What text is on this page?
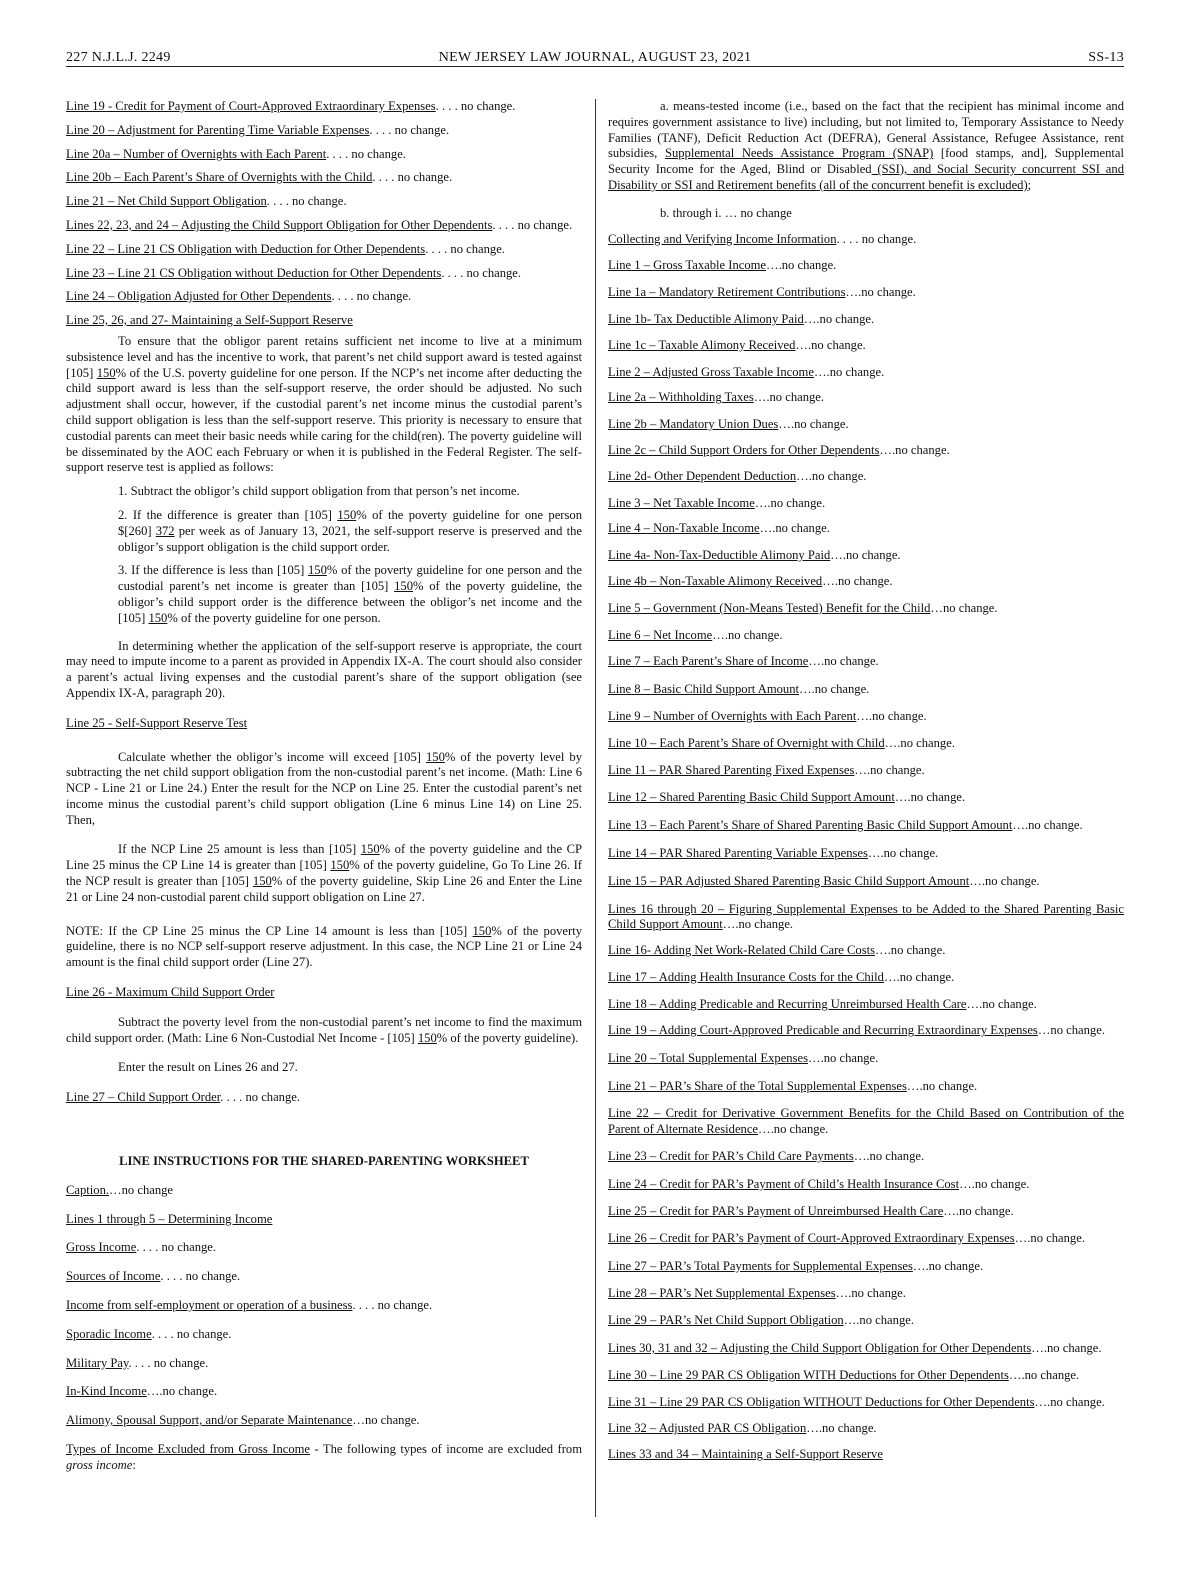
227 N.J.L.J. 2249	NEW JERSEY LAW JOURNAL, AUGUST 23, 2021	SS-13

Line 19 - Credit for Payment of Court-Approved Extraordinary Expenses. . . . no change.

Line 20 – Adjustment for Parenting Time Variable Expenses. . . . no change.

Line 20a – Number of Overnights with Each Parent. . . . no change.

Line 20b – Each Parent’s Share of Overnights with the Child. . . . no change.

Line 21 – Net Child Support Obligation. . . . no change.

Lines 22, 23, and 24 – Adjusting the Child Support Obligation for Other Dependents. . . . no change.

Line 22 – Line 21 CS Obligation with Deduction for Other Dependents. . . . no change.

Line 23 – Line 21 CS Obligation without Deduction for Other Dependents. . . . no change.

Line 24 – Obligation Adjusted for Other Dependents. . . . no change.

Line 25, 26, and 27- Maintaining a Self-Support Reserve

To ensure that the obligor parent retains sufficient net income to live at a minimum subsistence level and has the incentive to work, that parent’s net child support award is tested against [105] 150% of the U.S. poverty guideline for one person. If the NCP’s net income after deducting the child support award is less than the self-support reserve, the order should be adjusted. No such adjustment shall occur, however, if the custodial parent’s net income minus the custodial parent’s child support obligation is less than the self-support reserve. This priority is necessary to ensure that custodial parents can meet their basic needs while caring for the child(ren). The poverty guideline will be disseminated by the AOC each February or when it is published in the Federal Register. The self-support reserve test is applied as follows:

1. Subtract the obligor’s child support obligation from that person’s net income.

2. If the difference is greater than [105] 150% of the poverty guideline for one person $[260] 372 per week as of January 13, 2021, the self-support reserve is preserved and the obligor’s support obligation is the child support order.

3. If the difference is less than [105] 150% of the poverty guideline for one person and the custodial parent’s net income is greater than [105] 150% of the poverty guideline, the obligor’s child support order is the difference between the obligor’s net income and the [105] 150% of the poverty guideline for one person.

In determining whether the application of the self-support reserve is appropriate, the court may need to impute income to a parent as provided in Appendix IX-A. The court should also consider a parent’s actual living expenses and the custodial parent’s share of the support obligation (see Appendix IX-A, paragraph 20).

Line 25 - Self-Support Reserve Test

Calculate whether the obligor’s income will exceed [105] 150% of the poverty level by subtracting the net child support obligation from the non-custodial parent’s net income. (Math: Line 6 NCP - Line 21 or Line 24.) Enter the result for the NCP on Line 25. Enter the custodial parent’s net income minus the custodial parent’s child support obligation (Line 6 minus Line 14) on Line 25. Then,

If the NCP Line 25 amount is less than [105] 150% of the poverty guideline and the CP Line 25 minus the CP Line 14 is greater than [105] 150% of the poverty guideline, Go To Line 26. If the NCP result is greater than [105] 150% of the poverty guideline, Skip Line 26 and Enter the Line 21 or Line 24 non-custodial parent child support obligation on Line 27.

NOTE: If the CP Line 25 minus the CP Line 14 amount is less than [105] 150% of the poverty guideline, there is no NCP self-support reserve adjustment. In this case, the NCP Line 21 or Line 24 amount is the final child support order (Line 27).

Line 26 - Maximum Child Support Order

Subtract the poverty level from the non-custodial parent’s net income to find the maximum child support order. (Math: Line 6 Non-Custodial Net Income - [105] 150% of the poverty guideline).

Enter the result on Lines 26 and 27.

Line 27 – Child Support Order. . . . no change.

LINE INSTRUCTIONS FOR THE SHARED-PARENTING WORKSHEET

Caption.…no change

Lines 1 through 5 – Determining Income

Gross Income. . . . no change.

Sources of Income. . . . no change.

Income from self-employment or operation of a business. . . . no change.

Sporadic Income. . . . no change.

Military Pay. . . . no change.

In-Kind Income….no change.

Alimony, Spousal Support, and/or Separate Maintenance…no change.

Types of Income Excluded from Gross Income - The following types of income are excluded from gross income:

a. means-tested income (i.e., based on the fact that the recipient has minimal income and requires government assistance to live) including, but not limited to, Temporary Assistance to Needy Families (TANF), Deficit Reduction Act (DEFRA), General Assistance, Refugee Assistance, rent subsidies, Supplemental Needs Assistance Program (SNAP) [food stamps, and], Supplemental Security Income for the Aged, Blind or Disabled (SSI), and Social Security concurrent SSI and Disability or SSI and Retirement benefits (all of the concurrent benefit is excluded);

b. through i. … no change

Collecting and Verifying Income Information. . . . no change.

Line 1 – Gross Taxable Income….no change.

Line 1a – Mandatory Retirement Contributions….no change.

Line 1b- Tax Deductible Alimony Paid….no change.

Line 1c – Taxable Alimony Received….no change.

Line 2 – Adjusted Gross Taxable Income….no change.

Line 2a – Withholding Taxes….no change.

Line 2b – Mandatory Union Dues….no change.

Line 2c – Child Support Orders for Other Dependents….no change.

Line 2d- Other Dependent Deduction….no change.

Line 3 – Net Taxable Income….no change.

Line 4 – Non-Taxable Income….no change.

Line 4a- Non-Tax-Deductible Alimony Paid….no change.

Line 4b – Non-Taxable Alimony Received….no change.

Line 5 – Government (Non-Means Tested) Benefit for the Child…no change.

Line 6 – Net Income….no change.

Line 7 – Each Parent’s Share of Income….no change.

Line 8 – Basic Child Support Amount….no change.

Line 9 – Number of Overnights with Each Parent….no change.

Line 10 – Each Parent’s Share of Overnight with Child….no change.

Line 11 – PAR Shared Parenting Fixed Expenses….no change.

Line 12 – Shared Parenting Basic Child Support Amount….no change.

Line 13 – Each Parent’s Share of Shared Parenting Basic Child Support Amount….no change.

Line 14 – PAR Shared Parenting Variable Expenses….no change.

Line 15 – PAR Adjusted Shared Parenting Basic Child Support Amount….no change.

Lines 16 through 20 – Figuring Supplemental Expenses to be Added to the Shared Parenting Basic Child Support Amount….no change.

Line 16- Adding Net Work-Related Child Care Costs….no change.

Line 17 – Adding Health Insurance Costs for the Child….no change.

Line 18 – Adding Predicable and Recurring Unreimbursed Health Care….no change.

Line 19 – Adding Court-Approved Predicable and Recurring Extraordinary Expenses…no change.

Line 20 – Total Supplemental Expenses….no change.

Line 21 – PAR’s Share of the Total Supplemental Expenses….no change.

Line 22 – Credit for Derivative Government Benefits for the Child Based on Contribution of the Parent of Alternate Residence….no change.

Line 23 – Credit for PAR’s Child Care Payments….no change.

Line 24 – Credit for PAR’s Payment of Child’s Health Insurance Cost….no change.

Line 25 – Credit for PAR’s Payment of Unreimbursed Health Care….no change.

Line 26 – Credit for PAR’s Payment of Court-Approved Extraordinary Expenses….no change.

Line 27 – PAR’s Total Payments for Supplemental Expenses….no change.

Line 28 – PAR’s Net Supplemental Expenses….no change.

Line 29 – PAR’s Net Child Support Obligation….no change.

Lines 30, 31 and 32 – Adjusting the Child Support Obligation for Other Dependents….no change.

Line 30 – Line 29 PAR CS Obligation WITH Deductions for Other Dependents….no change.

Line 31 – Line 29 PAR CS Obligation WITHOUT Deductions for Other Dependents….no change.

Line 32 – Adjusted PAR CS Obligation….no change.

Lines 33 and 34 – Maintaining a Self-Support Reserve
